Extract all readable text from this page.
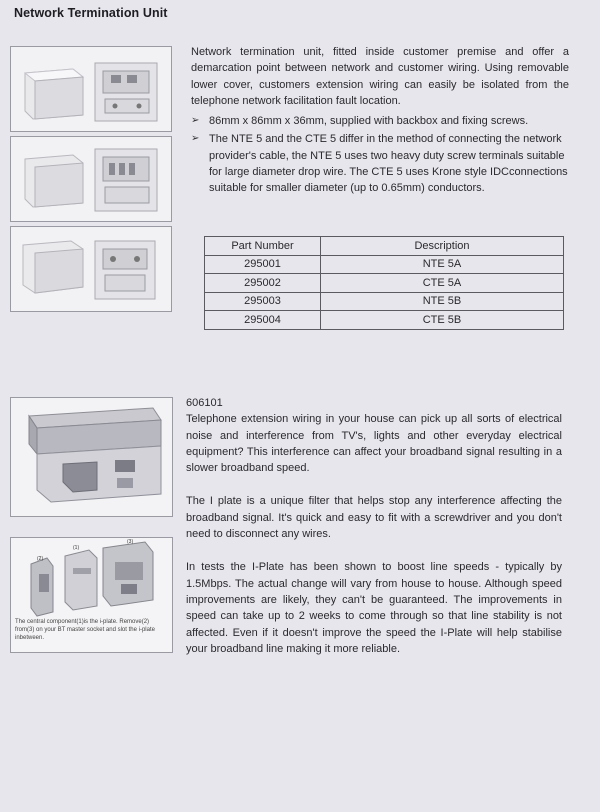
Network Termination Unit

Network termination unit, fitted inside customer premise and offer a demarcation point between network and customer wiring. Using removable lower cover, customers extension wiring can easily be isolated from the telephone network facilitation fault location.

➢ 86mm x 86mm x 36mm, supplied with backbox and fixing screws.
➢ The NTE 5 and the CTE 5 differ in the method of connecting the network provider's cable, the NTE 5 uses two heavy duty screw terminals suitable for large diameter drop wire. The CTE 5 uses Krone style IDCconnections suitable for smaller diameter (up to 0.65mm) conductors.
Part Number	Description
295001	NTE 5A
295002	CTE 5A
295003	NTE 5B
295004	CTE 5B
(2)
(1)
(3)
The central component(1)is the i-plate. Remove(2) from(3) on your BT master socket and slot the i-plate inbetween.

606101

Telephone extension wiring in your house can pick up all sorts of electrical noise and interference from TV's, lights and other everyday electrical equipment? This interference can affect your broadband signal resulting in a slower broadband speed.

The I plate is a unique filter that helps stop any interference affecting the broadband signal. It's quick and easy to fit with a screwdriver and you don't need to disconnect any wires.

In tests the I-Plate has been shown to boost line speeds - typically by 1.5Mbps. The actual change will vary from house to house. Although speed improvements are likely, they can't be guaranteed. The improvements in speed can take up to 2 weeks to come through so that line stability is not affected. Even if it doesn't improve the speed the I-Plate will help stabilise your broadband line making it more reliable.
